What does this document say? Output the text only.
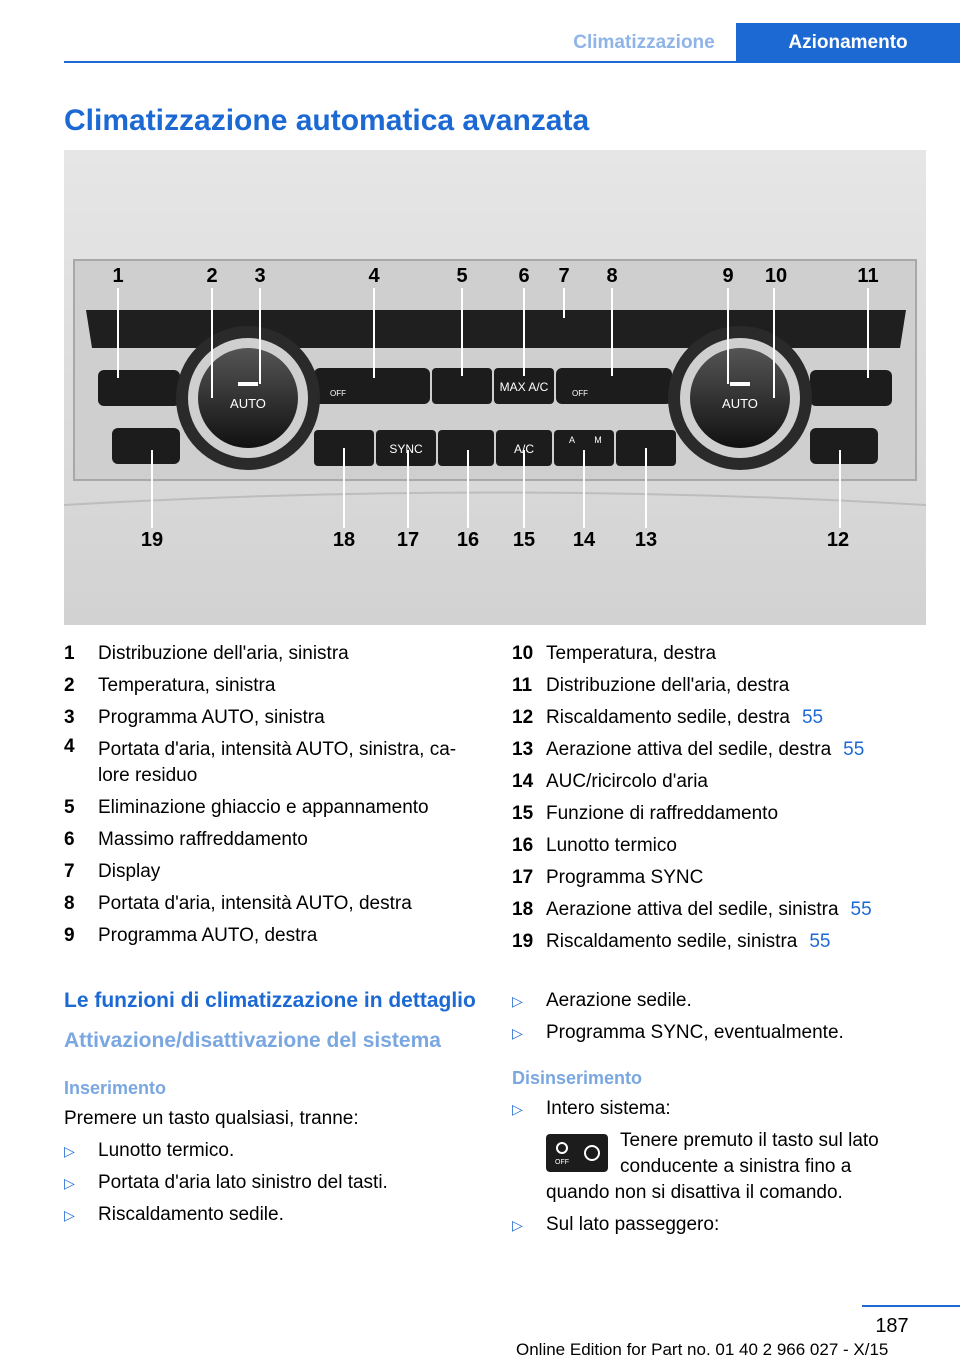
Climatizzazione	Azionamento
Climatizzazione automatica avanzata
AUTO	AUTO
OFF	OFF
MAX A/C
SYNC	A/C
A M
1	2 3	4	5	6 7 8	9 10	11
19	18 17 16 15 14 13	12
1 Distribuzione dell'aria, sinistra
2 Temperatura, sinistra
3 Programma AUTO, sinistra
4 Portata d'aria, intensità AUTO, sinistra, ca‐ lore residuo
5 Eliminazione ghiaccio e appannamento
6 Massimo raffreddamento
7 Display
8 Portata d'aria, intensità AUTO, destra
9 Programma AUTO, destra
10 Temperatura, destra
11 Distribuzione dell'aria, destra
12 Riscaldamento sedile, destra 55
13 Aerazione attiva del sedile, destra 55
14 AUC/ricircolo d'aria
15 Funzione di raffreddamento
16 Lunotto termico
17 Programma SYNC
18 Aerazione attiva del sedile, sinistra 55
19 Riscaldamento sedile, sinistra 55
Le funzioni di climatizzazione in dettaglio
Attivazione/disattivazione del sistema
Inserimento
Premere un tasto qualsiasi, tranne:
▷ Lunotto termico.
▷ Portata d'aria lato sinistro del tasti.
▷ Riscaldamento sedile.
▷ Aerazione sedile.
▷ Programma SYNC, eventualmente.
Disinserimento
▷ Intero sistema:
OFF
Tenere premuto il tasto sul lato
conducente a sinistra fino a
quando non si disattiva il comando.
▷ Sul lato passeggero:
187
Online Edition for Part no. 01 40 2 966 027 - X/15
